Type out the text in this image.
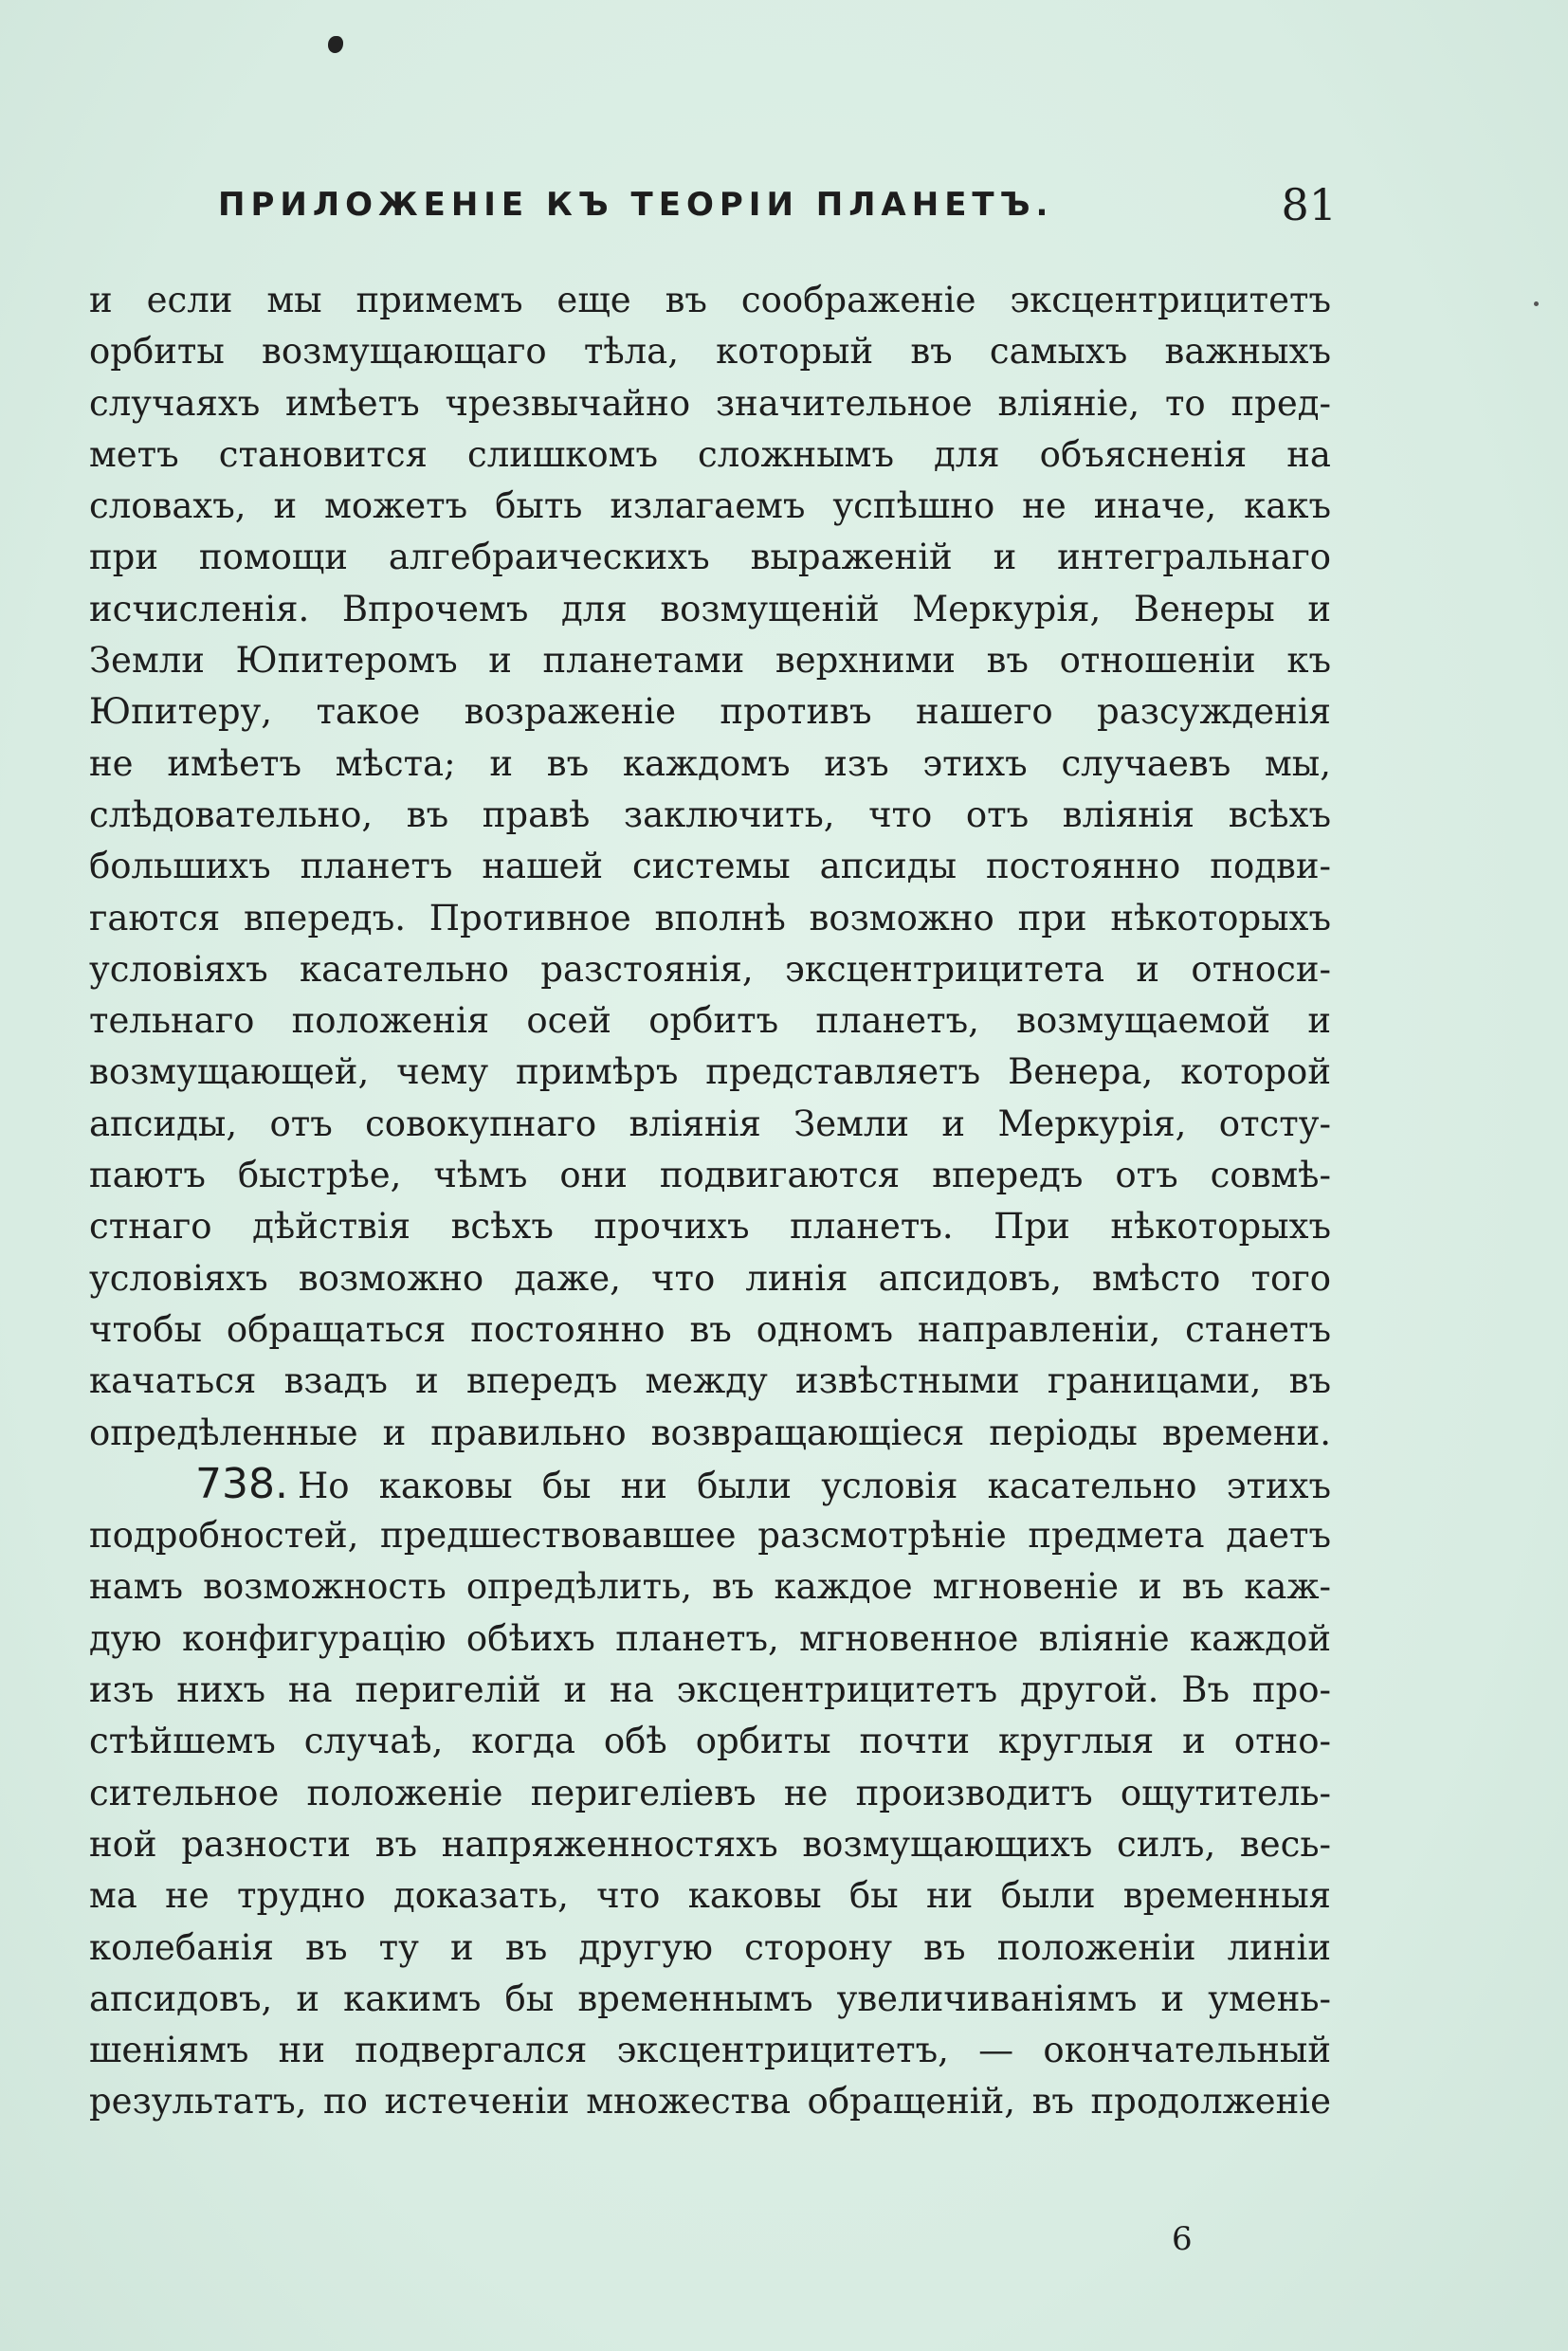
ПРИЛОЖЕНІЕ КЪ ТЕОРІИ ПЛАНЕТЪ.	81
и если мы примемъ еще въ соображеніе эксцентрицитетъ
орбиты возмущающаго тѣла, который въ самыхъ важныхъ
случаяхъ имѣетъ чрезвычайно значительное вліяніе, то пред-
метъ становится слишкомъ сложнымъ для объясненія на
словахъ, и можетъ быть излагаемъ успѣшно не иначе, какъ
при помощи алгебраическихъ выраженій и интегральнаго
исчисленія. Впрочемъ для возмущеній Меркурія, Венеры и
Земли Юпитеромъ и планетами верхними въ отношеніи къ
Юпитеру, такое возраженіе противъ нашего разсужденія
не имѣетъ мѣста; и въ каждомъ изъ этихъ случаевъ мы,
слѣдовательно, въ правѣ заключить, что отъ вліянія всѣхъ
большихъ планетъ нашей системы апсиды постоянно подви-
гаются впередъ. Противное вполнѣ возможно при нѣкоторыхъ
условіяхъ касательно разстоянія, эксцентрицитета и относи-
тельнаго положенія осей орбитъ планетъ, возмущаемой и
возмущающей, чему примѣръ представляетъ Венера, которой
апсиды, отъ совокупнаго вліянія Земли и Меркурія, отсту-
паютъ быстрѣе, чѣмъ они подвигаются впередъ отъ совмѣ-
стнаго дѣйствія всѣхъ прочихъ планетъ. При нѣкоторыхъ
условіяхъ возможно даже, что линія апсидовъ, вмѣсто того
чтобы обращаться постоянно въ одномъ направленіи, станетъ
качаться взадъ и впередъ между извѣстными границами, въ
опредѣленные и правильно возвращающіеся періоды времени.
738. Но каковы бы ни были условія касательно этихъ
подробностей, предшествовавшее разсмотрѣніе предмета даетъ
намъ возможность опредѣлить, въ каждое мгновеніе и въ каж-
дую конфигурацію обѣихъ планетъ, мгновенное вліяніе каждой
изъ нихъ на перигелій и на эксцентрицитетъ другой. Въ про-
стѣйшемъ случаѣ, когда обѣ орбиты почти круглыя и отно-
сительное положеніе перигеліевъ не производитъ ощутитель-
ной разности въ напряженностяхъ возмущающихъ силъ, весь-
ма не трудно доказать, что каковы бы ни были временныя
колебанія въ ту и въ другую сторону въ положеніи линіи
апсидовъ, и какимъ бы временнымъ увеличиваніямъ и умень-
шеніямъ ни подвергался эксцентрицитетъ, — окончательный
результатъ, по истеченіи множества обращеній, въ продолженіе
6
